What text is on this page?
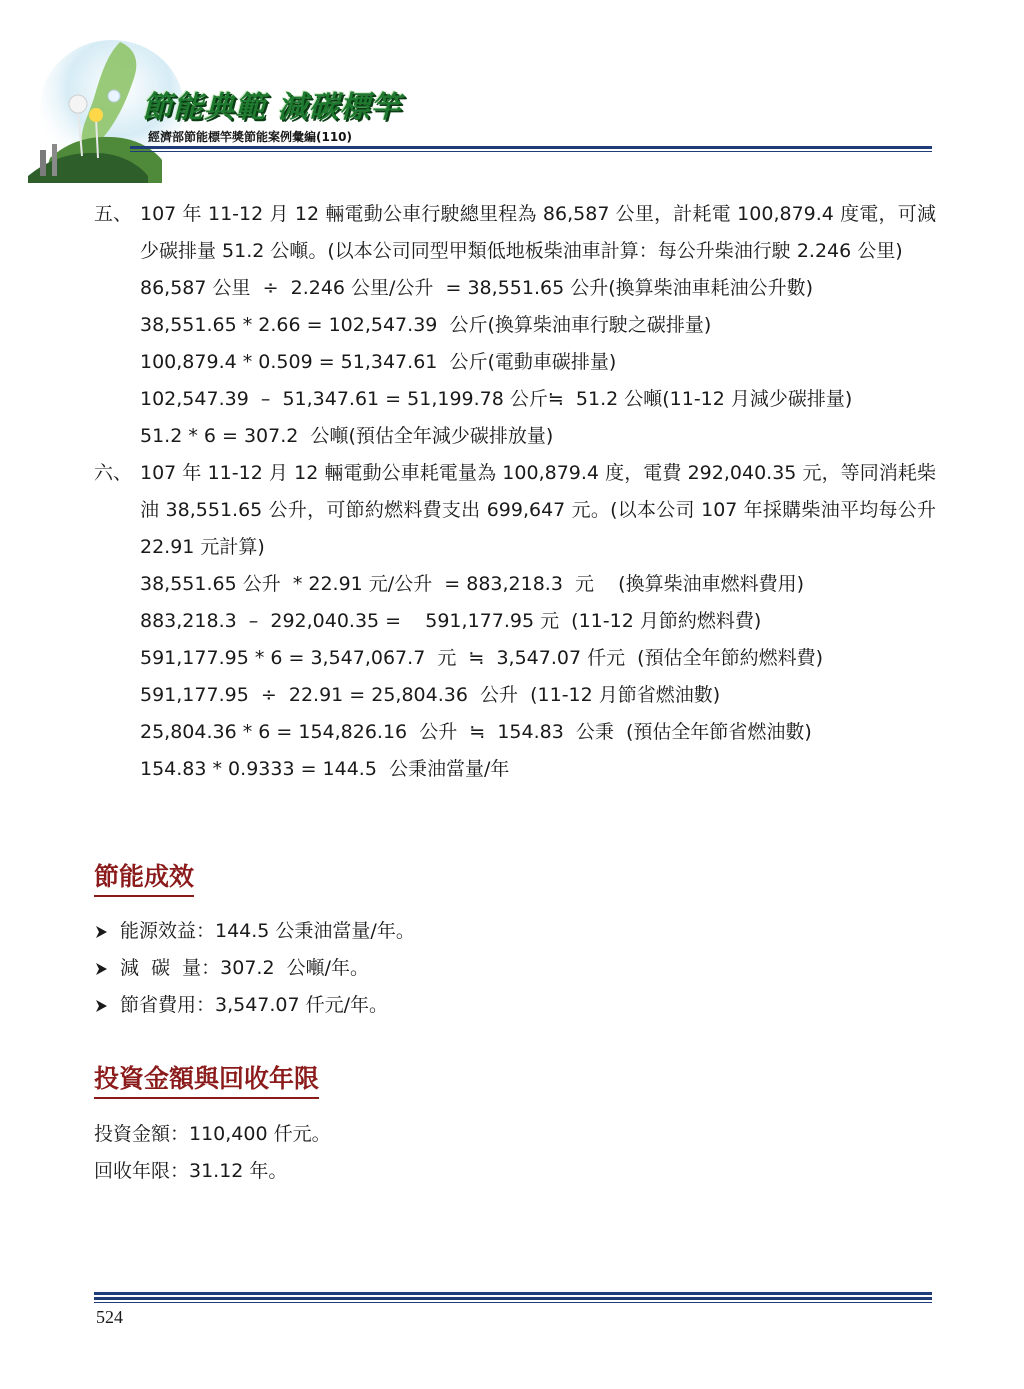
節能典範 減碳標竿
經濟部節能標竿獎節能案例彙編(110)
五、 107 年 11-12 月 12 輛電動公車行駛總里程為 86,587 公里，計耗電 100,879.4 度電，可減少碳排量 51.2 公噸。(以本公司同型甲類低地板柴油車計算：每公升柴油行駛 2.246 公里)
86,587 公里  ÷  2.246 公里/公升  = 38,551.65 公升(換算柴油車耗油公升數)
38,551.65 * 2.66 = 102,547.39  公斤(換算柴油車行駛之碳排量)
100,879.4 * 0.509 = 51,347.61  公斤(電動車碳排量)
102,547.39  –  51,347.61 = 51,199.78 公斤≒  51.2 公噸(11-12 月減少碳排量)
51.2 * 6 = 307.2  公噸(預估全年減少碳排放量)
六、 107 年 11-12 月 12 輛電動公車耗電量為 100,879.4 度，電費 292,040.35 元，等同消耗柴油 38,551.65 公升，可節約燃料費支出 699,647 元。(以本公司 107 年採購柴油平均每公升 22.91 元計算)
38,551.65 公升  * 22.91 元/公升  = 883,218.3  元    (換算柴油車燃料費用)
883,218.3  –  292,040.35 =    591,177.95 元  (11-12 月節約燃料費)
591,177.95 * 6 = 3,547,067.7  元  ≒  3,547.07 仟元  (預估全年節約燃料費)
591,177.95  ÷  22.91 = 25,804.36  公升  (11-12 月節省燃油數)
25,804.36 * 6 = 154,826.16  公升  ≒  154.83  公秉  (預估全年節省燃油數)
154.83 * 0.9333 = 144.5  公秉油當量/年
節能成效
能源效益：144.5 公秉油當量/年。
減  碳  量：307.2  公噸/年。
節省費用：3,547.07 仟元/年。
投資金額與回收年限
投資金額：110,400 仟元。
回收年限：31.12 年。
524
